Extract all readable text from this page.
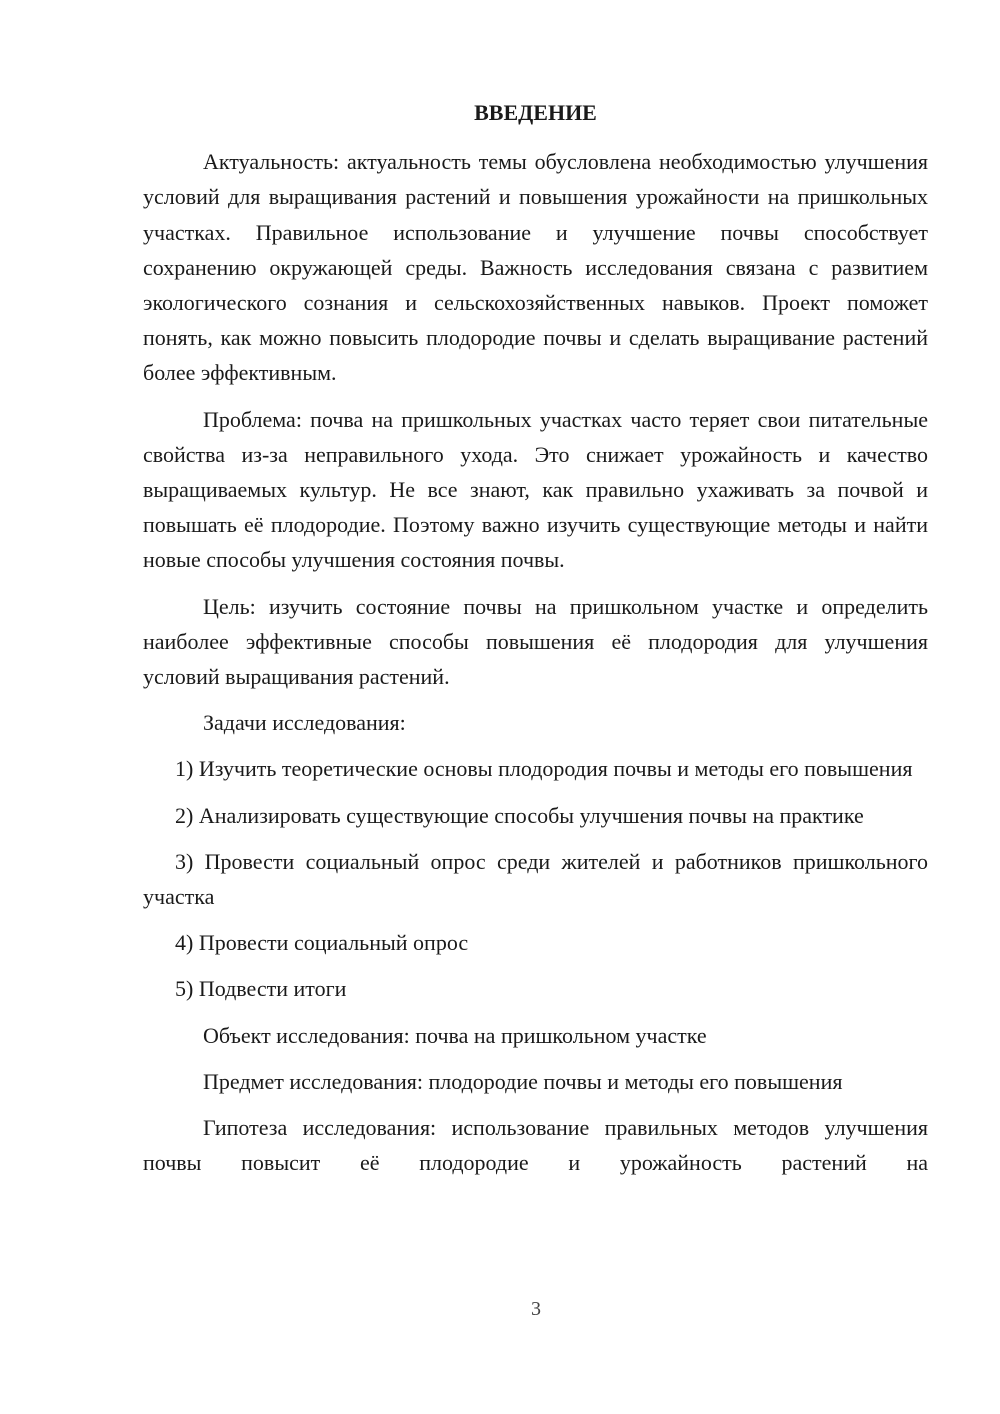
ВВЕДЕНИЕ

Актуальность: актуальность темы обусловлена необходимостью улучшения условий для выращивания растений и повышения урожайности на пришкольных участках. Правильное использование и улучшение почвы способствует сохранению окружающей среды. Важность исследования связана с развитием экологического сознания и сельскохозяйственных навыков. Проект поможет понять, как можно повысить плодородие почвы и сделать выращивание растений более эффективным.

Проблема: почва на пришкольных участках часто теряет свои питательные свойства из-за неправильного ухода. Это снижает урожайность и качество выращиваемых культур. Не все знают, как правильно ухаживать за почвой и повышать её плодородие. Поэтому важно изучить существующие методы и найти новые способы улучшения состояния почвы.

Цель: изучить состояние почвы на пришкольном участке и определить наиболее эффективные способы повышения её плодородия для улучшения условий выращивания растений.

Задачи исследования:

1) Изучить теоретические основы плодородия почвы и методы его повышения
2) Анализировать существующие способы улучшения почвы на практике
3) Провести социальный опрос среди жителей и работников пришкольного участка
4) Провести социальный опрос
5) Подвести итоги

Объект исследования: почва на пришкольном участке

Предмет исследования: плодородие почвы и методы его повышения

Гипотеза исследования: использование правильных методов улучшения почвы повысит её плодородие и урожайность растений на

3
